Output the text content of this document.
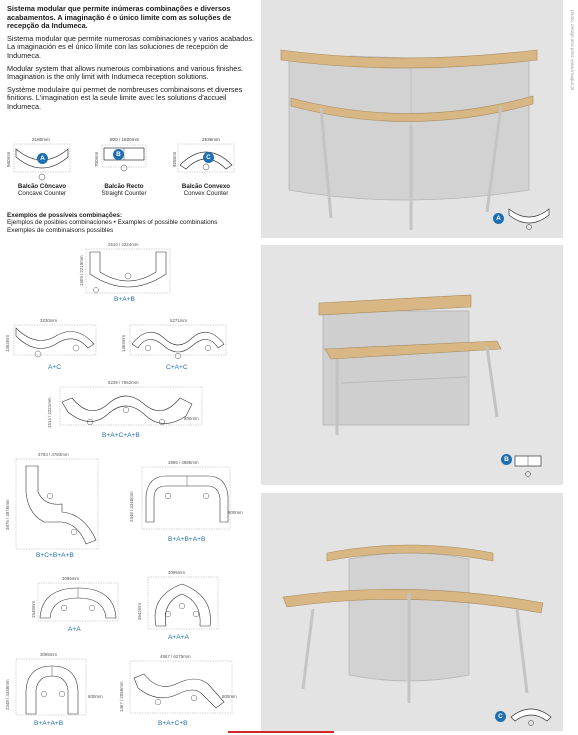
Sistema modular que permite inúmeras combinações e diversos acabamentos. A imaginação é o único limite com as soluções de recepção da Indumeca.

Sistema modular que permite numerosas combinaciones y varios acabados. La imaginación es el único límite con las soluciones de recepción de Indumeca.

Modular system that allows numerous combinations and various finishes. Imagination is the only limit with Indumeca reception solutions.

Système modulaire qui permet de nombreuses combinaisons et diverses finitions. L'imagination est la seule limite avec les solutions d'accueil Indumeca.

2180mm
940mm	A
Balcão Côncavo
Concave Counter
800 / 1600mm
700mm	B
Balcão Recto
Straight Counter
2536mm
928mm	C
Balcão Convexo
Convex Counter
Exemplos de possíveis combinações:
Ejemplos de posibles combinaciones • Examples of possible combinations
Exemples de combinaisons possibles
2510 / 4224mm
1509 / 2219mm
B+A+B
3230mm
1363mm
A+C
5271mm
1363mm
C+A+C
6239 / 7952mm
1514 / 2221mm	800mm
B+A+C+A+B
3783 / 4783mm
3876 / 4876mm
B+C+B+A+B
3895 / 4895mm
2348 / 3348mm	800mm
B+A+B+A+B
3095mm
1548mm
A+A
3095mm
3642mm
A+A+A
3095mm
2348 / 3348mm	800mm
B+A+A+B
4867 / 6275mm
1467 / 2058mm	800mm
B+A+C+B
A
B
C
photo, design and print: www.imagus.pt
